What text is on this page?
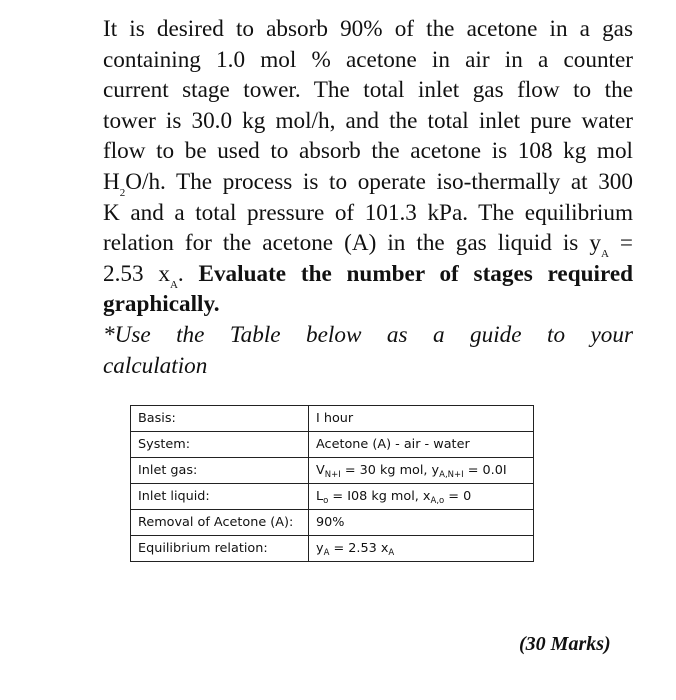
It is desired to absorb 90% of the acetone in a gas
containing 1.0 mol % acetone in air in a counter
current stage tower. The total inlet gas flow to the
tower is 30.0 kg mol/h, and the total inlet pure water
flow to be used to absorb the acetone is 108 kg mol
$H_2O/h$. The process is to operate iso-thermally at 300
K and a total pressure of 101.3 kPa. The equilibrium
relation for the acetone (A) in the gas liquid is $y_A$ =
2.53 $x_A$. Evaluate the number of stages required
graphically.
*Use the Table below as a guide to your
calculation
Basis:	I hour
System:	Acetone (A) - air - water
Inlet gas:	$V_{N+I} = 30$ kg mol, $y_{A,N+I} = 0.0I$
Inlet liquid:	$L_o = I08$ kg mol, $x_{A,o} = 0$
Removal of Acetone (A):	90%
Equilibrium relation:	$y_A = 2.53$ $x_A$
(30 Marks)
